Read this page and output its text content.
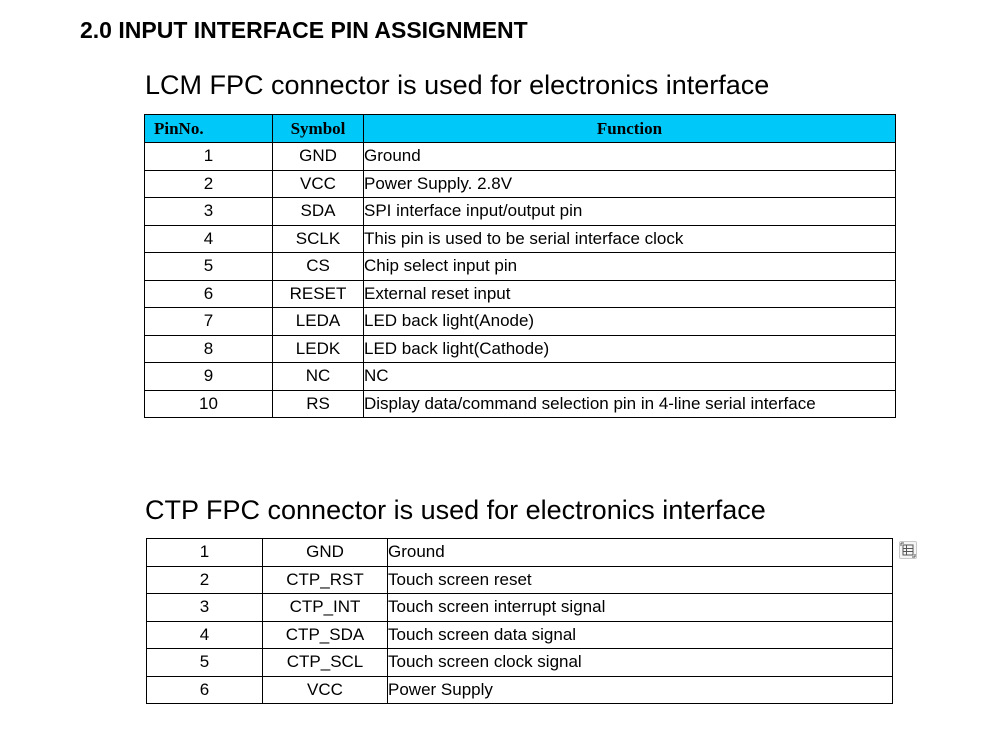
2.0 INPUT INTERFACE PIN ASSIGNMENT
LCM FPC connector is used for electronics interface
PinNo.	Symbol	Function
1	GND	Ground
2	VCC	Power Supply. 2.8V
3	SDA	SPI interface input/output pin
4	SCLK	This pin is used to be serial interface clock
5	CS	Chip select input pin
6	RESET	External reset input
7	LEDA	LED back light(Anode)
8	LEDK	LED back light(Cathode)
9	NC	NC
10	RS	Display data/command selection pin in 4-line serial interface
CTP FPC connector is used for electronics interface
1	GND	Ground
2	CTP_RST	Touch screen reset
3	CTP_INT	Touch screen interrupt signal
4	CTP_SDA	Touch screen data signal
5	CTP_SCL	Touch screen clock signal
6	VCC	Power Supply
